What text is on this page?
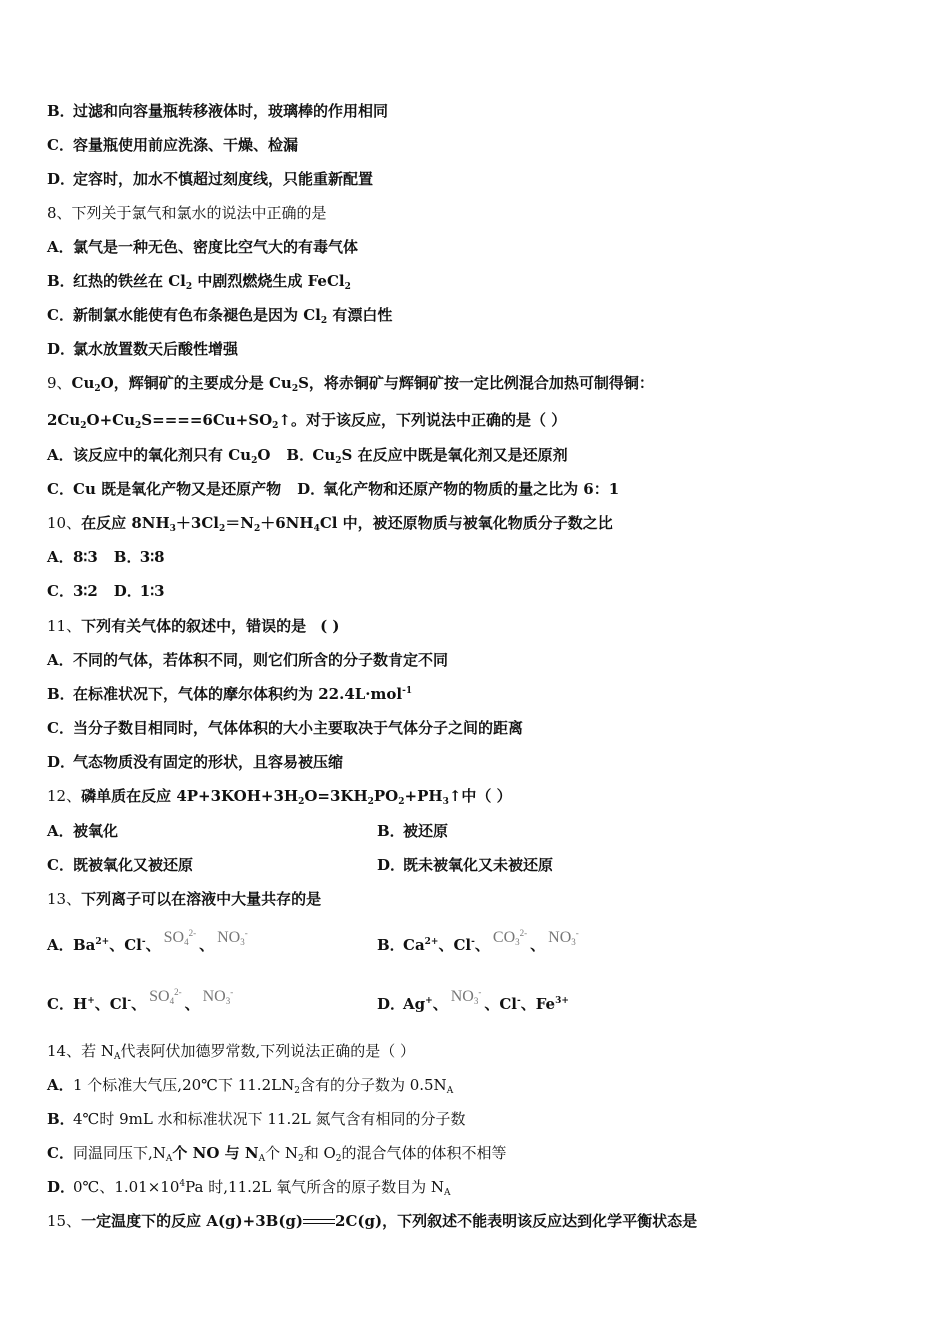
B．过滤和向容量瓶转移液体时，玻璃棒的作用相同
C．容量瓶使用前应洗涤、干燥、检漏
D．定容时，加水不慎超过刻度线，只能重新配置
8、下列关于氯气和氯水的说法中正确的是
A．氯气是一种无色、密度比空气大的有毒气体
B．红热的铁丝在 $Cl_2$ 中剧烈燃烧生成 FeCl$_2$
C．新制氯水能使有色布条褪色是因为 $Cl_2$ 有漂白性
D．氯水放置数天后酸性增强
9、$Cu_2O$，辉铜矿的主要成分是 $Cu_2S$，将赤铜矿与辉铜矿按一定比例混合加热可制得铜：
$2Cu_2O+Cu_2S====6Cu+SO_2↑$。对于该反应，下列说法中正确的是（ ）
A．该反应中的氧化剂只有 $Cu_2O$ B．$Cu_2S$ 在反应中既是氧化剂又是还原剂
C．Cu 既是氧化产物又是还原产物 D．氧化产物和还原产物的物质的量之比为 6：1
10、在反应 $8NH_3+3Cl_2=N_2+6NH_4Cl$ 中，被还原物质与被氧化物质分子数之比
A．8∶3 B．3∶8
C．3∶2 D．1∶3
11、下列有关气体的叙述中，错误的是 ( )
A．不同的气体，若体积不同，则它们所含的分子数肯定不同
B．在标准状况下，气体的摩尔体积约为 22.4L·mol$^{-1}$
C．当分子数目相同时，气体体积的大小主要取决于气体分子之间的距离
D．气态物质没有固定的形状，且容易被压缩
12、磷单质在反应 $4P+3KOH+3H_2O=3KH_2PO_2+PH_3↑$中（ ）
A．被氧化	B．被还原
C．既被氧化又被还原	D．既未被氧化又未被还原
13、下列离子可以在溶液中大量共存的是
A．$Ba^{2+}$、Cl-、 $SO_4^{2-}$、 $NO_3^-$
B．$Ca^{2+}$、Cl-、 $CO_3^{2-}$、 $NO_3^-$
C．H+、Cl-、 $SO_4^{2-}$、 $NO_3^-$
D．Ag+、 $NO_3^-$、Cl-、$Fe^{3+}$
14、若 $N_A$代表阿伏加德罗常数,下列说法正确的是（ ）
A．1 个标准大气压,20℃下 $11.2LN_2$含有的分子数为 $0.5N_A$
B．4℃时 9mL 水和标准状况下 11.2L 氮气含有相同的分子数
C．同温同压下$,N_A$个 NO 与 $N_A$个 $N_2$和 $O_2$的混合气体的体积不相等
D．0℃、$1.01\times 10^4Pa$ 时,11.2L 氧气所含的原子数目为 $N_A$
15、一定温度下的反应 A(g)+3B(g) 2C(g)，下列叙述不能表明该反应达到化学平衡状态是
